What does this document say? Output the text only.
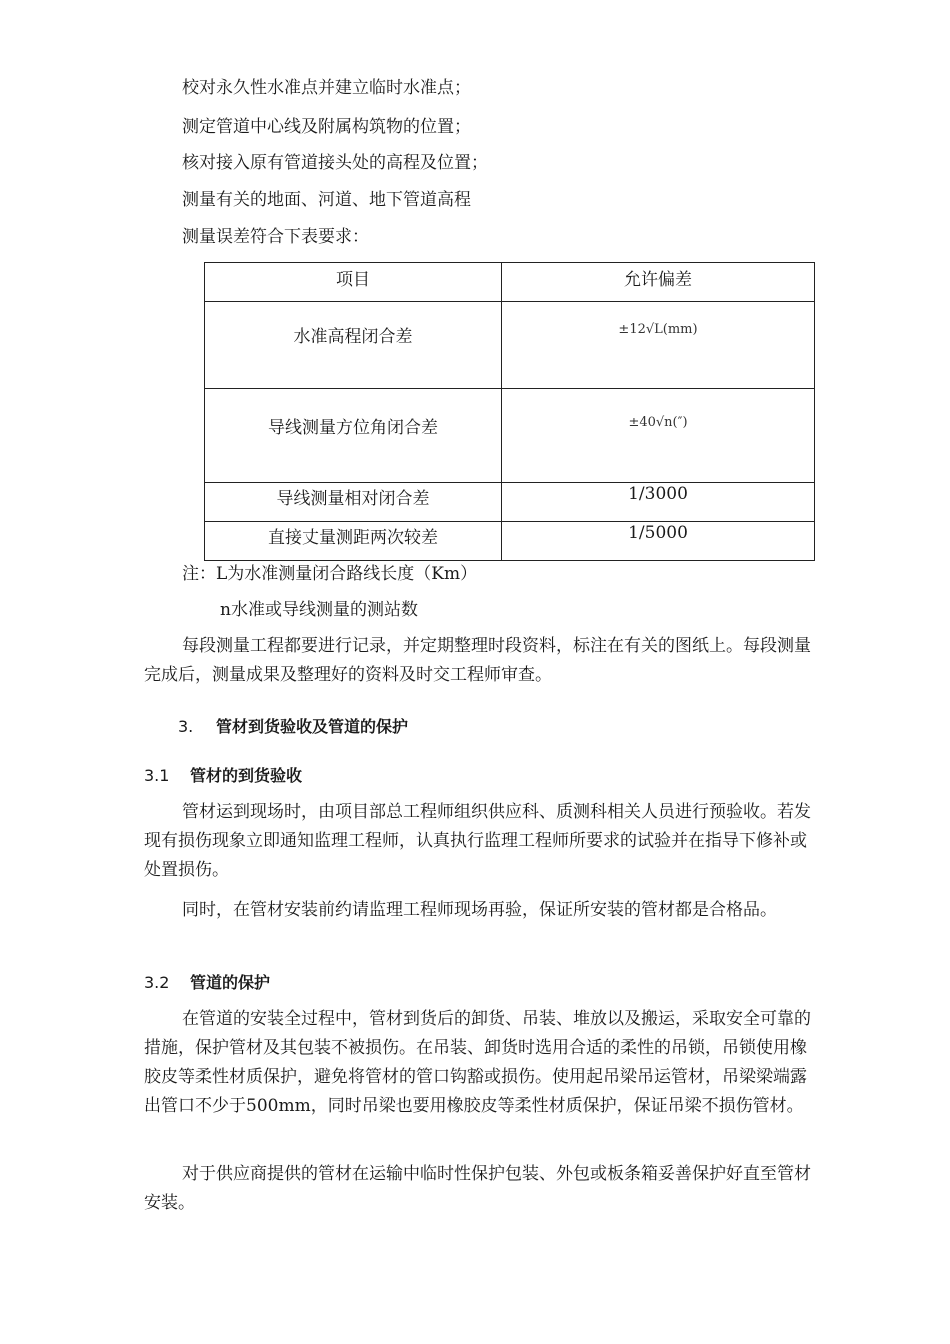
校对永久性水准点并建立临时水准点；
测定管道中心线及附属构筑物的位置；
核对接入原有管道接头处的高程及位置；
测量有关的地面、河道、地下管道高程
测量误差符合下表要求：
项目	允许偏差
水准高程闭合差	±12√L(mm)
导线测量方位角闭合差	±40√n(″)
导线测量相对闭合差	1/3000
直接丈量测距两次较差	1/5000
注：L为水准测量闭合路线长度（Km）
n水准或导线测量的测站数
每段测量工程都要进行记录，并定期整理时段资料，标注在有关的图纸上。每段测量完成后，测量成果及整理好的资料及时交工程师审查。
3. 管材到货验收及管道的保护
3.1 管材的到货验收
管材运到现场时，由项目部总工程师组织供应科、质测科相关人员进行预验收。若发现有损伤现象立即通知监理工程师，认真执行监理工程师所要求的试验并在指导下修补或处置损伤。
同时，在管材安装前约请监理工程师现场再验，保证所安装的管材都是合格品。
3.2 管道的保护
在管道的安装全过程中，管材到货后的卸货、吊装、堆放以及搬运，采取安全可靠的措施，保护管材及其包装不被损伤。在吊装、卸货时选用合适的柔性的吊锁，吊锁使用橡胶皮等柔性材质保护，避免将管材的管口钩豁或损伤。使用起吊梁吊运管材，吊梁梁端露出管口不少于500mm，同时吊梁也要用橡胶皮等柔性材质保护，保证吊梁不损伤管材。
对于供应商提供的管材在运输中临时性保护包装、外包或板条箱妥善保护好直至管材安装。
